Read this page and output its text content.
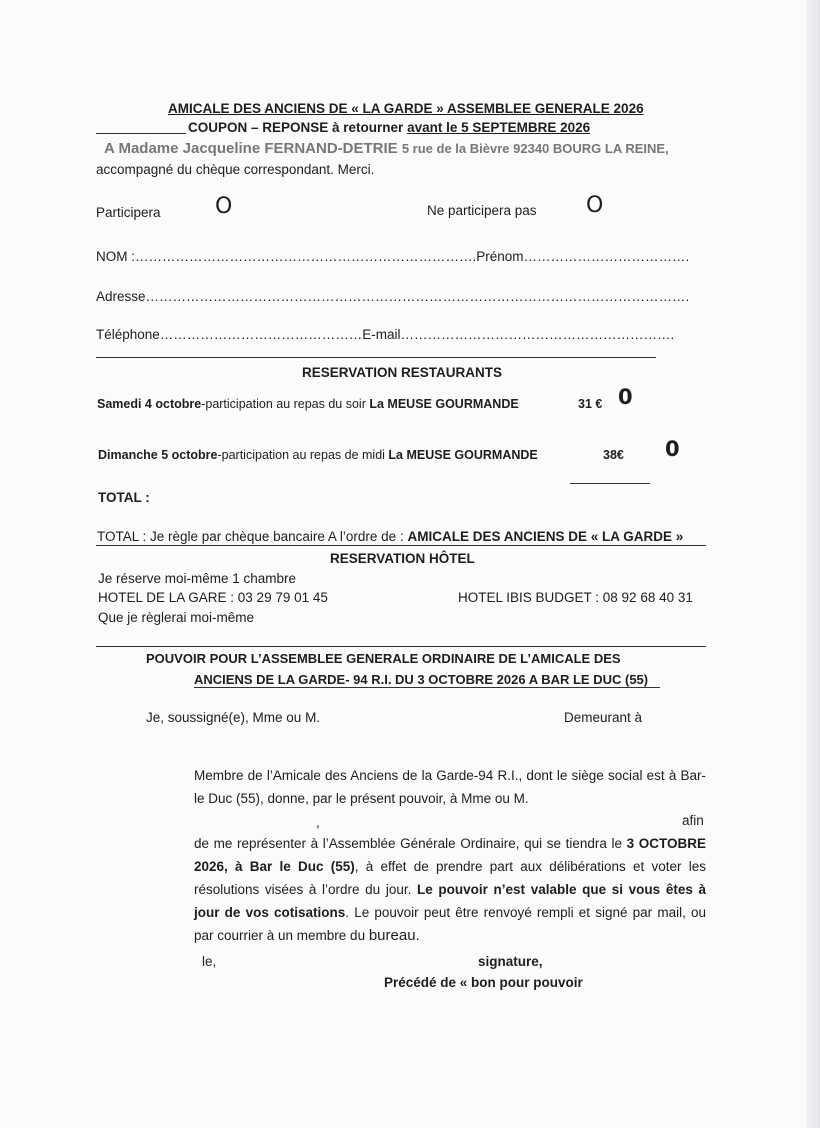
AMICALE DES ANCIENS DE « LA GARDE » ASSEMBLEE GENERALE 2026
COUPON – REPONSE à retourner avant le 5 SEPTEMBRE 2026
A Madame Jacqueline FERNAND-DETRIE 5 rue de la Bièvre 92340 BOURG LA REINE,
accompagné du chèque correspondant. Merci.
Participera O	Ne participera pas O
NOM :………………………………………………………………….Prénom……………………………….
Adresse………………………………………………………………………………………………………….
Téléphone………………………………………E-mail…………………………………………………….
RESERVATION RESTAURANTS
Samedi 4 octobre-participation au repas du soir La MEUSE GOURMANDE	31 € 0
Dimanche 5 octobre-participation au repas de midi La MEUSE GOURMANDE	38€ 0
TOTAL :
TOTAL : Je règle par chèque bancaire A l’ordre de : AMICALE DES ANCIENS DE « LA GARDE »
RESERVATION HÔTEL
Je réserve moi-même 1 chambre
HOTEL DE LA GARE : 03 29 79 01 45	HOTEL IBIS BUDGET : 08 92 68 40 31
Que je règlerai moi-même
POUVOIR POUR L’ASSEMBLEE GENERALE ORDINAIRE DE L’AMICALE DES
ANCIENS DE LA GARDE- 94 R.I. DU 3 OCTOBRE 2026 A BAR LE DUC (55)
Je, soussigné(e), Mme ou M.	Demeurant à
Membre de l’Amicale des Anciens de la Garde-94 R.I., dont le siège social est à Bar-le Duc (55), donne, par le présent pouvoir, à Mme ou M.
,	afin
de me représenter à l’Assemblée Générale Ordinaire, qui se tiendra le 3 OCTOBRE 2026, à Bar le Duc (55), à effet de prendre part aux délibérations et voter les résolutions visées à l’ordre du jour. Le pouvoir n’est valable que si vous êtes à jour de vos cotisations. Le pouvoir peut être renvoyé rempli et signé par mail, ou par courrier à un membre du bureau.
le,	signature,
Précédé de « bon pour pouvoir
